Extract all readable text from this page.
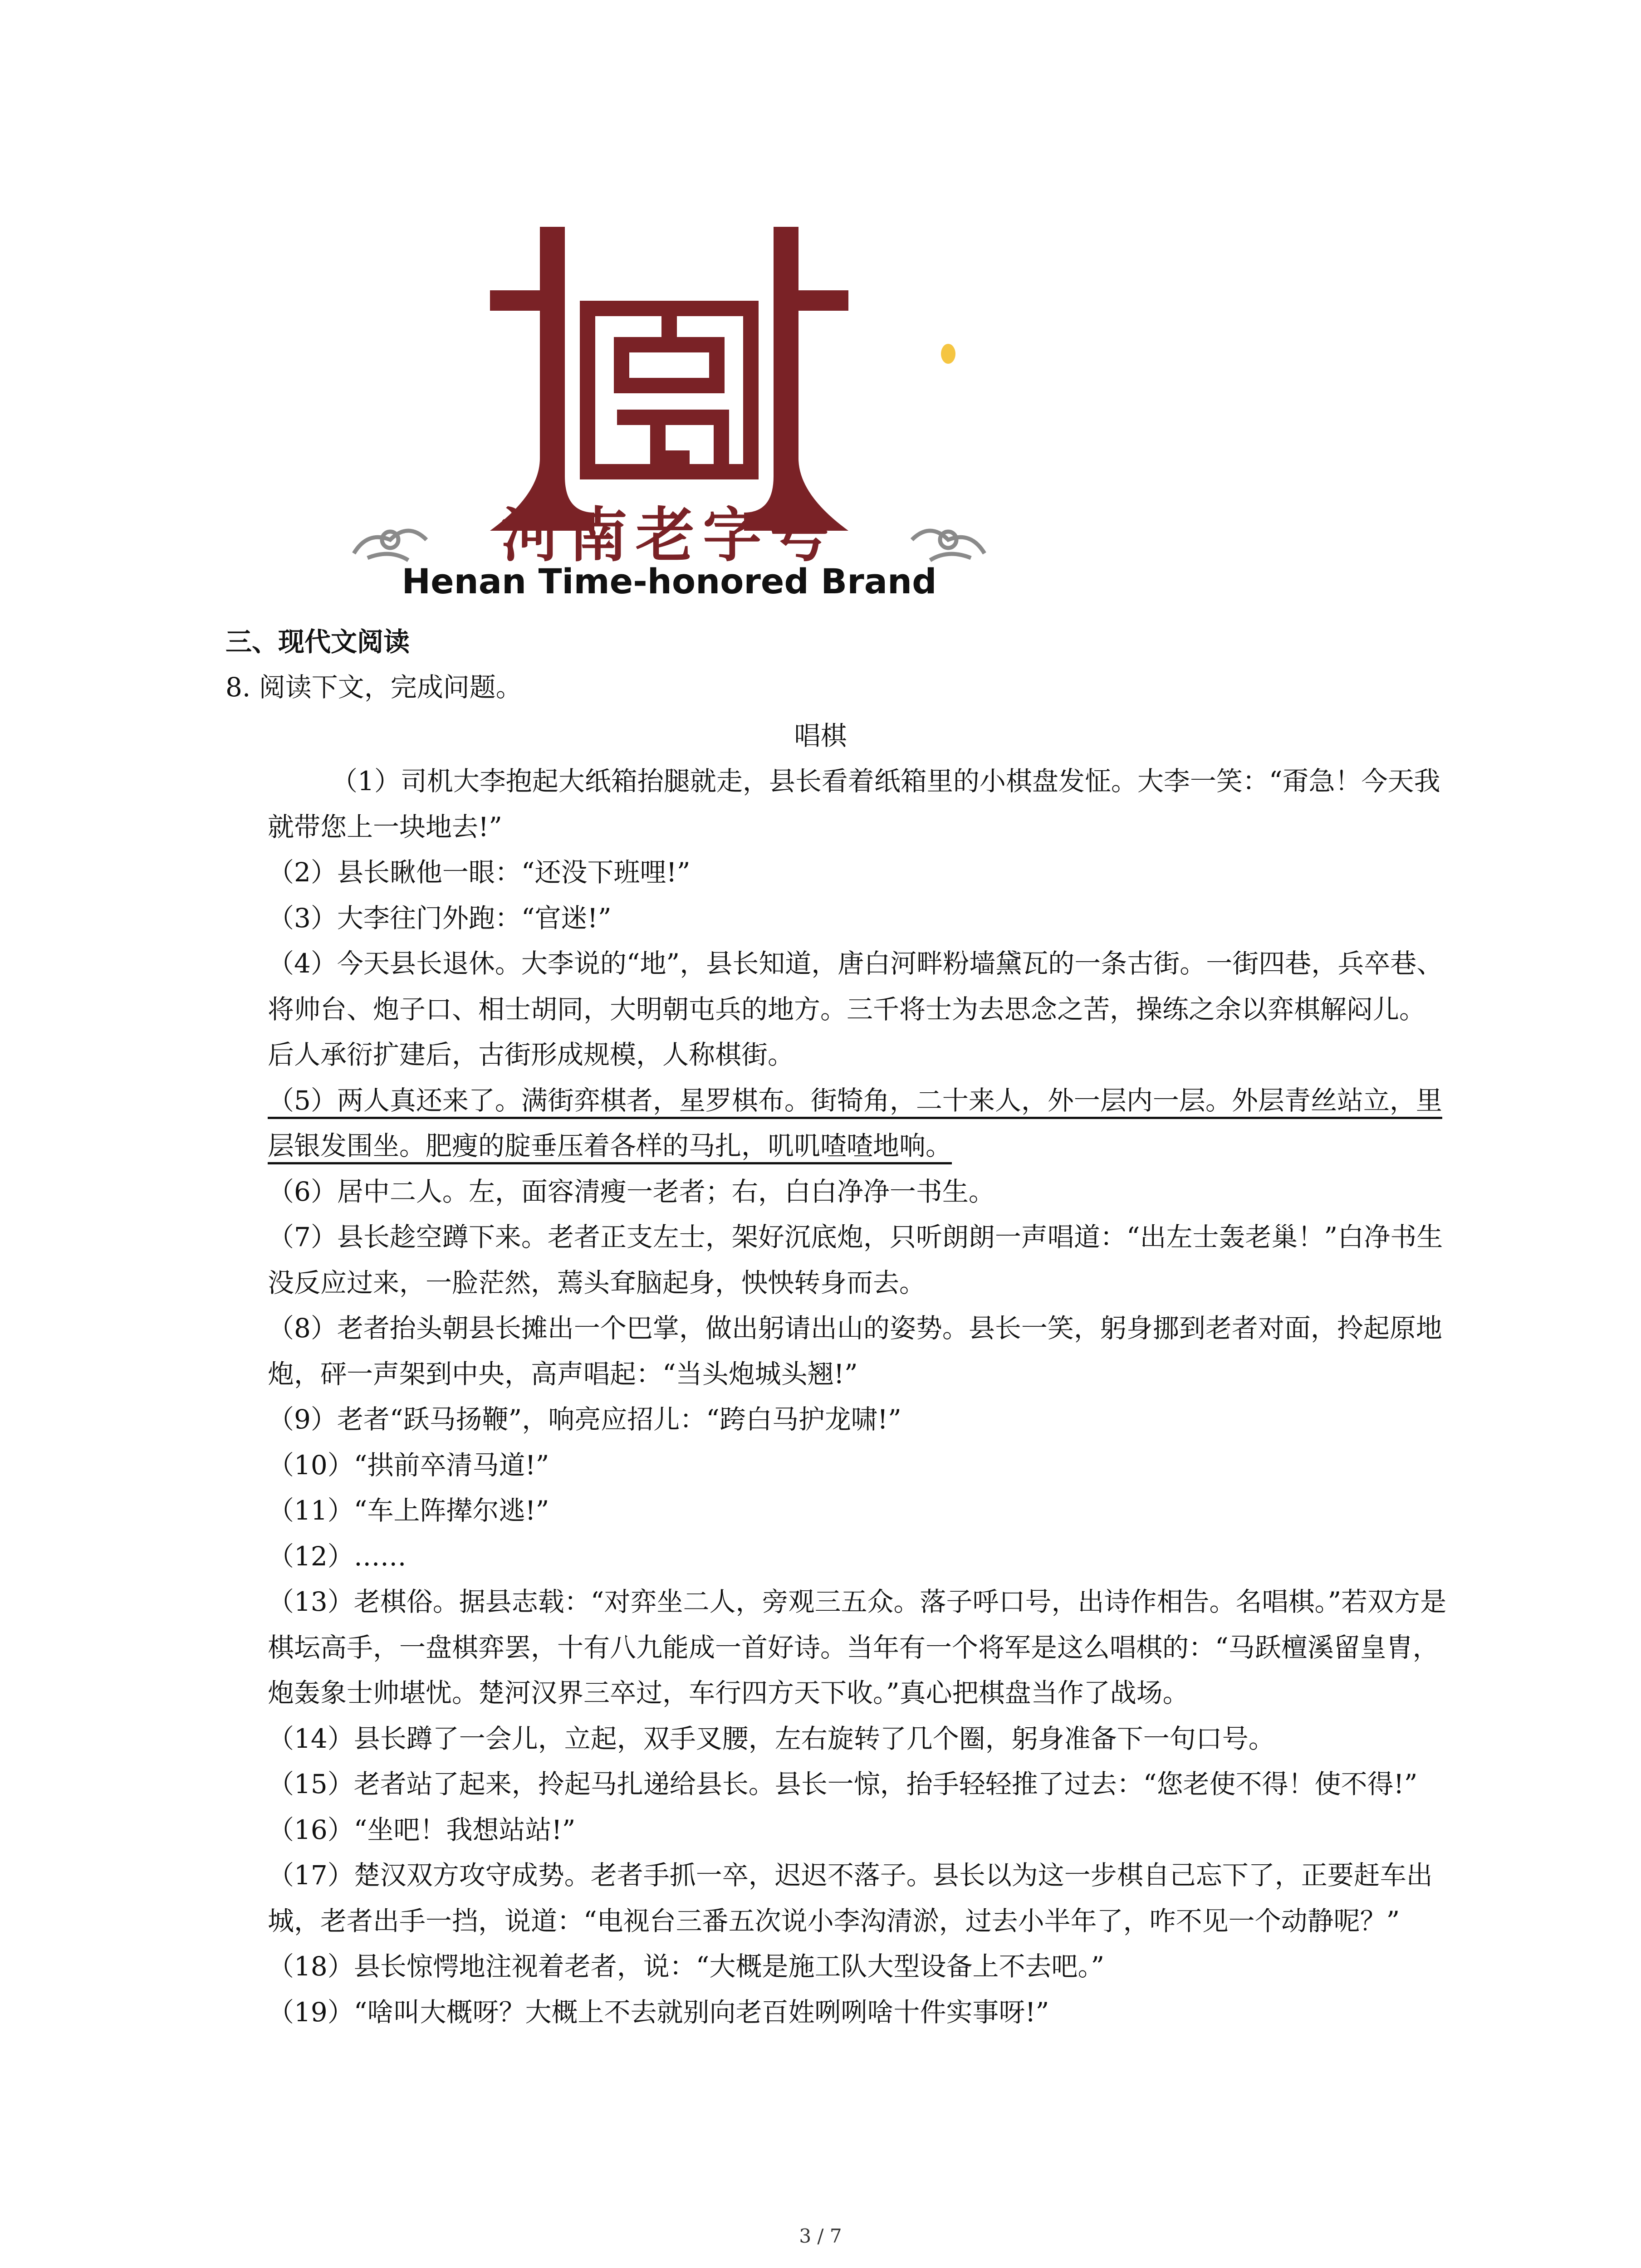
河南老字号
Henan Time-honored Brand
三、现代文阅读
8. 阅读下文，完成问题。
唱棋

（1）司机大李抱起大纸箱抬腿就走，县长看着纸箱里的小棋盘发怔。大李一笑：“甭急！今天我就带您上一块地去!”

（2）县长瞅他一眼：“还没下班哩!”

（3）大李往门外跑：“官迷!”

（4）今天县长退休。大李说的“地”，县长知道，唐白河畔粉墙黛瓦的一条古街。一街四巷，兵卒巷、将帅台、炮子口、相士胡同，大明朝屯兵的地方。三千将士为去思念之苦，操练之余以弈棋解闷儿。后人承衍扩建后，古街形成规模，人称棋街。

（5）两人真还来了。满街弈棋者，星罗棋布。街犄角，二十来人，外一层内一层。外层青丝站立，里层银发围坐。肥瘦的腚垂压着各样的马扎，叽叽喳喳地响。

（6）居中二人。左，面容清瘦一老者；右，白白净净一书生。

（7）县长趁空蹲下来。老者正支左士，架好沉底炮，只听朗朗一声唱道：“出左士轰老巢！”白净书生没反应过来，一脸茫然，蔫头耷脑起身，怏怏转身而去。

（8）老者抬头朝县长摊出一个巴掌，做出躬请出山的姿势。县长一笑，躬身挪到老者对面，拎起原地炮，砰一声架到中央，高声唱起：“当头炮城头翘!”

（9）老者“跃马扬鞭”，响亮应招儿：“跨白马护龙啸!”

（10）“拱前卒清马道!”

（11）“车上阵撵尔逃!”

（12）……

（13）老棋俗。据县志载：“对弈坐二人，旁观三五众。落子呼口号，出诗作相告。名唱棋。”若双方是棋坛高手，一盘棋弈罢，十有八九能成一首好诗。当年有一个将军是这么唱棋的：“马跃檀溪留皇胄，炮轰象士帅堪忧。楚河汉界三卒过，车行四方天下收。”真心把棋盘当作了战场。

（14）县长蹲了一会儿，立起，双手叉腰，左右旋转了几个圈，躬身准备下一句口号。

（15）老者站了起来，拎起马扎递给县长。县长一惊，抬手轻轻推了过去：“您老使不得！使不得!”

（16）“坐吧！我想站站!”

（17）楚汉双方攻守成势。老者手抓一卒，迟迟不落子。县长以为这一步棋自己忘下了，正要赶车出城，老者出手一挡，说道：“电视台三番五次说小李沟清淤，过去小半年了，咋不见一个动静呢？”

（18）县长惊愕地注视着老者，说：“大概是施工队大型设备上不去吧。”

（19）“啥叫大概呀？大概上不去就别向老百姓咧咧啥十件实事呀!”

3 / 7
